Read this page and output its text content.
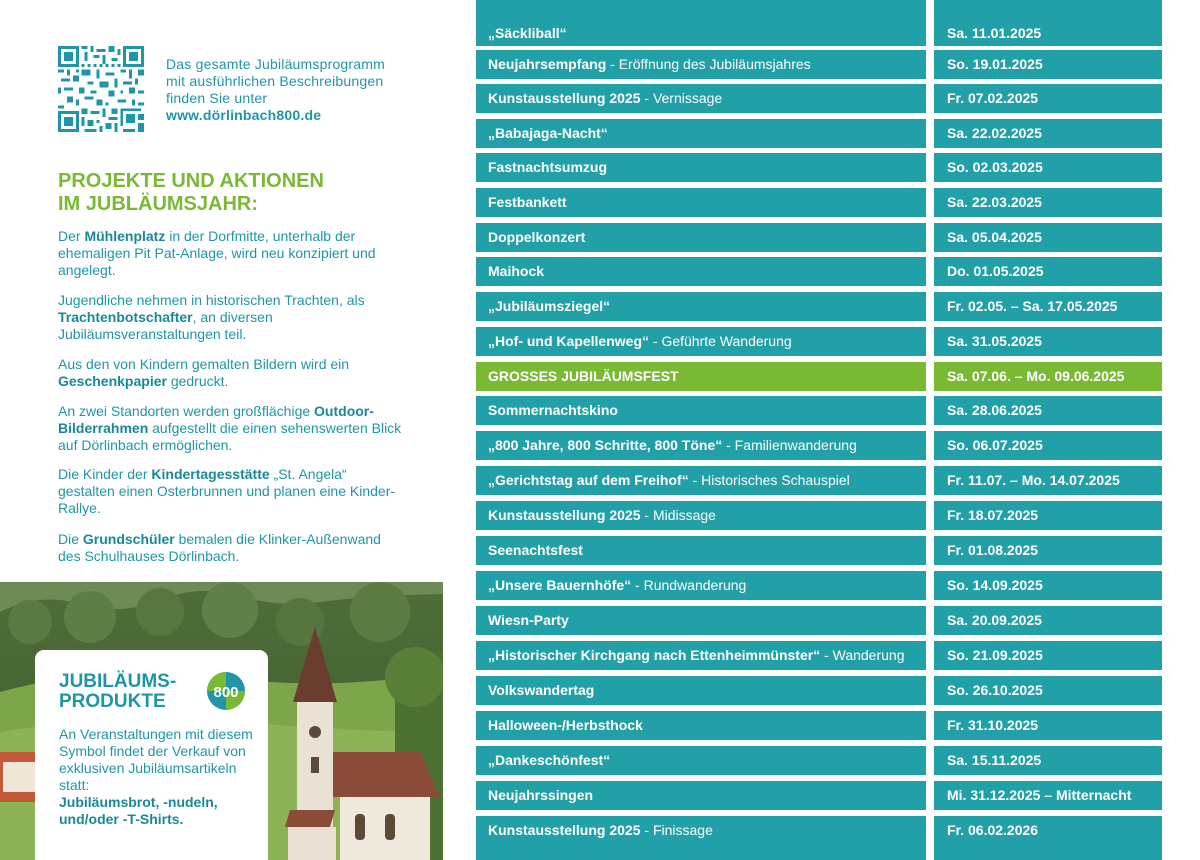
Das gesamte Jubiläumsprogramm
mit ausführlichen Beschreibungen
finden Sie unter
www.dörlinbach800.de
PROJEKTE UND AKTIONEN
IM JUBLÄUMSJAHR:
Der Mühlenplatz in der Dorfmitte, unterhalb der ehemaligen Pit Pat-Anlage, wird neu konzipiert und angelegt.
Jugendliche nehmen in historischen Trachten, als Trachtenbotschafter, an diversen Jubiläumsveranstaltungen teil.
Aus den von Kindern gemalten Bildern wird ein Geschenkpapier gedruckt.
An zwei Standorten werden großflächige Outdoor-Bilderrahmen aufgestellt die einen sehenswerten Blick auf Dörlinbach ermöglichen.
Die Kinder der Kindertagesstätte „St. Angela“ gestalten einen Osterbrunnen und planen eine Kinder-Rallye.
Die Grundschüler bemalen die Klinker-Außenwand des Schulhauses Dörlinbach.
JUBILÄUMS-
PRODUKTE	800
An Veranstaltungen mit diesem Symbol findet der Verkauf von exklusiven Jubiläumsartikeln statt:
Jubiläumsbrot, -nudeln, und/oder -T-Shirts.
„Säckliball“	Sa. 11.01.2025
Neujahrsempfang - Eröffnung des Jubiläumsjahres	So. 19.01.2025
Kunstausstellung 2025 - Vernissage	Fr. 07.02.2025
„Babajaga-Nacht“	Sa. 22.02.2025
Fastnachtsumzug	So. 02.03.2025
Festbankett	Sa. 22.03.2025
Doppelkonzert	Sa. 05.04.2025
Maihock	Do. 01.05.2025
„Jubiläumsziegel“	Fr. 02.05. – Sa. 17.05.2025
„Hof- und Kapellenweg“ - Geführte Wanderung	Sa. 31.05.2025
GROSSES JUBILÄUMSFEST	Sa. 07.06. – Mo. 09.06.2025
Sommernachtskino	Sa. 28.06.2025
„800 Jahre, 800 Schritte, 800 Töne“ - Familienwanderung	So. 06.07.2025
„Gerichtstag auf dem Freihof“ - Historisches Schauspiel	Fr. 11.07. – Mo. 14.07.2025
Kunstausstellung 2025 - Midissage	Fr. 18.07.2025
Seenachtsfest	Fr. 01.08.2025
„Unsere Bauernhöfe“ - Rundwanderung	So. 14.09.2025
Wiesn-Party	Sa. 20.09.2025
„Historischer Kirchgang nach Ettenheimmünster“ - Wanderung	So. 21.09.2025
Volkswandertag	So. 26.10.2025
Halloween-/Herbsthock	Fr. 31.10.2025
„Dankeschönfest“	Sa. 15.11.2025
Neujahrssingen	Mi. 31.12.2025 – Mitternacht
Kunstausstellung 2025 - Finissage	Fr. 06.02.2026
